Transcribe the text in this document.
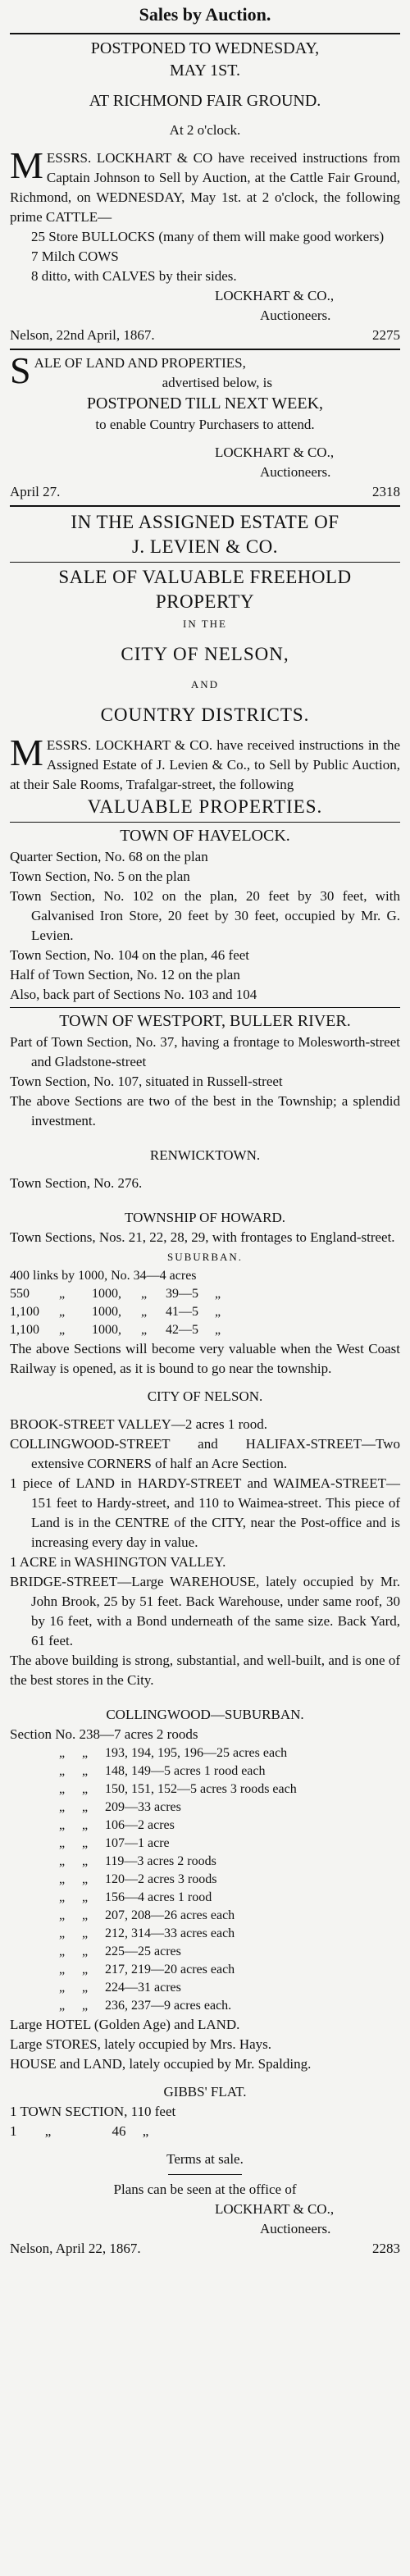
Sales by Auction.
POSTPONED TO WEDNESDAY,
MAY 1ST.
AT RICHMOND FAIR GROUND.
At 2 o'clock.
MESSRS. LOCKHART & CO have received instructions from Captain Johnson to Sell by Auction, at the Cattle Fair Ground, Richmond, on WEDNESDAY, May 1st. at 2 o'clock, the following prime CATTLE—
25 Store BULLOCKS (many of them will make good workers)
7 Milch COWS
8 ditto, with CALVES by their sides.
LOCKHART & CO.,
Auctioneers.
Nelson, 22nd April, 1867.	2275
SALE OF LAND AND PROPERTIES,
advertised below, is
POSTPONED TILL NEXT WEEK,
to enable Country Purchasers to attend.
LOCKHART & CO.,
Auctioneers.
April 27.	2318
IN THE ASSIGNED ESTATE OF
J. LEVIEN & CO.
SALE OF VALUABLE FREEHOLD
PROPERTY
IN THE
CITY OF NELSON,
AND
COUNTRY DISTRICTS.
MESSRS. LOCKHART & CO. have received instructions in the Assigned Estate of J. Levien & Co., to Sell by Public Auction, at their Sale Rooms, Trafalgar-street, the following
VALUABLE PROPERTIES.
TOWN OF HAVELOCK.
Quarter Section, No. 68 on the plan
Town Section, No. 5 on the plan
Town Section, No. 102 on the plan, 20 feet by 30 feet, with Galvanised Iron Store, 20 feet by 30 feet, occupied by Mr. G. Levien.
Town Section, No. 104 on the plan, 46 feet
Half of Town Section, No. 12 on the plan
Also, back part of Sections No. 103 and 104
TOWN OF WESTPORT, BULLER RIVER.
Part of Town Section, No. 37, having a frontage to Molesworth-street and Gladstone-street
Town Section, No. 107, situated in Russell-street
The above Sections are two of the best in the Township; a splendid investment.
RENWICKTOWN.
Town Section, No. 276.
TOWNSHIP OF HOWARD.
Town Sections, Nos. 21, 22, 28, 29, with frontages to England-street.
SUBURBAN.
400 links by 1000, No. 34—4 acres					
550	„	1000,	„	39—5	„
1,100	„	1000,	„	41—5	„
1,100	„	1000,	„	42—5	„
The above Sections will become very valuable when the West Coast Railway is opened, as it is bound to go near the township.
CITY OF NELSON.
BROOK-STREET VALLEY—2 acres 1 rood.
COLLINGWOOD-STREET and HALIFAX-STREET—Two extensive CORNERS of half an Acre Section.
1 piece of LAND in HARDY-STREET and WAIMEA-STREET—151 feet to Hardy-street, and 110 to Waimea-street. This piece of Land is in the CENTRE of the CITY, near the Post-office and is increasing every day in value.
1 ACRE in WASHINGTON VALLEY.
BRIDGE-STREET—Large WAREHOUSE, lately occupied by Mr. John Brook, 25 by 51 feet. Back Warehouse, under same roof, 30 by 16 feet, with a Bond underneath of the same size. Back Yard, 61 feet.
The above building is strong, substantial, and well-built, and is one of the best stores in the City.
COLLINGWOOD—SUBURBAN.
Section No. 238—7 acres 2 roods
	„	„	193, 194, 195, 196—25 acres each
	„	„	148, 149—5 acres 1 rood each
	„	„	150, 151, 152—5 acres 3 roods each
	„	„	209—33 acres
	„	„	106—2 acres
	„	„	107—1 acre
	„	„	119—3 acres 2 roods
	„	„	120—2 acres 3 roods
	„	„	156—4 acres 1 rood
	„	„	207, 208—26 acres each
	„	„	212, 314—33 acres each
	„	„	225—25 acres
	„	„	217, 219—20 acres each
	„	„	224—31 acres
	„	„	236, 237—9 acres each.
Large HOTEL (Golden Age) and LAND.
Large STORES, lately occupied by Mrs. Hays.
HOUSE and LAND, lately occupied by Mr. Spalding.
GIBBS' FLAT.
1 TOWN SECTION, 110 feet
1 „	46 „
Terms at sale.
Plans can be seen at the office of
LOCKHART & CO.,
Auctioneers.
Nelson, April 22, 1867.	2283
